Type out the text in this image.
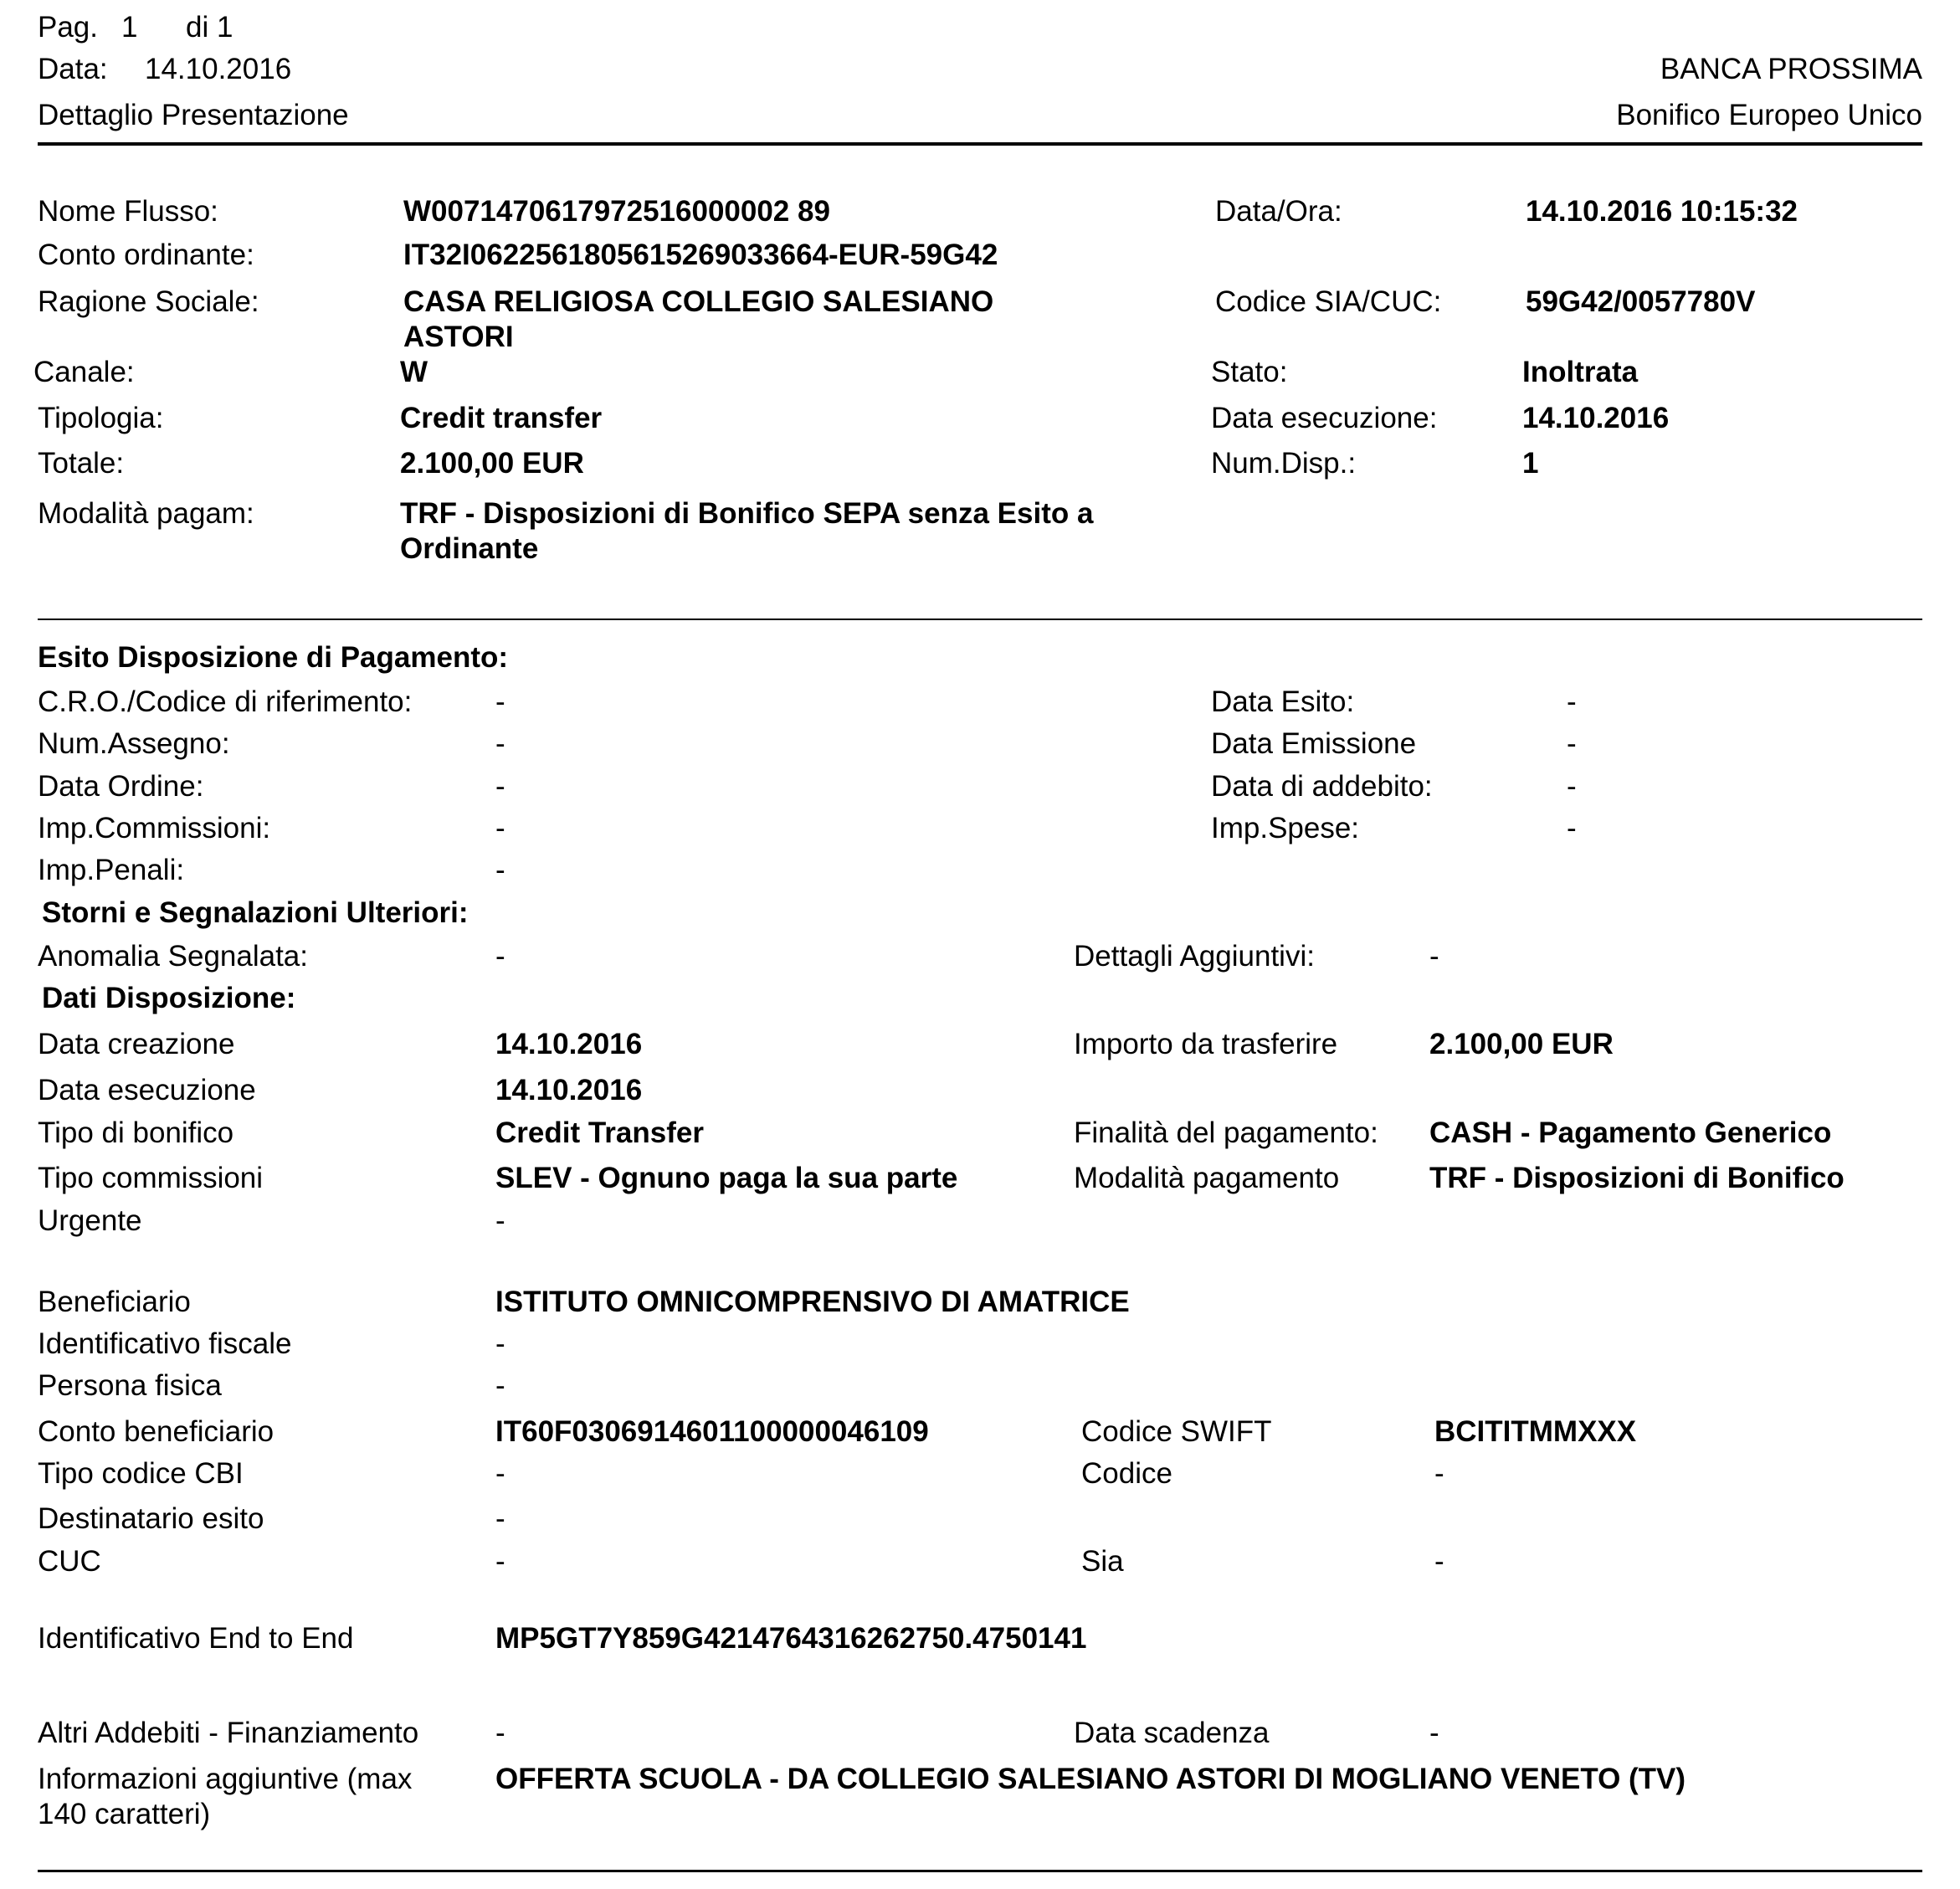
Pag. 1 di 1
Data: 14.10.2016
Dettaglio Presentazione
BANCA PROSSIMA
Bonifico Europeo Unico
Nome Flusso:	W0071470617972516000002 89
Conto ordinante:	IT32I0622561805615269033664-EUR-59G42
Ragione Sociale:	CASA RELIGIOSA COLLEGIO SALESIANO
ASTORI
Canale:	W
Tipologia:	Credit transfer
Totale:	2.100,00 EUR
Modalità pagam:	TRF - Disposizioni di Bonifico SEPA senza Esito a
Ordinante
Data/Ora:	14.10.2016 10:15:32
Codice SIA/CUC:	59G42/0057780V
Stato:	Inoltrata
Data esecuzione:	14.10.2016
Num.Disp.:	1
Esito Disposizione di Pagamento:
C.R.O./Codice di riferimento:	-
Num.Assegno:	-
Data Ordine:	-
Imp.Commissioni:	-
Imp.Penali:	-
Data Esito:	-
Data Emissione	-
Data di addebito:	-
Imp.Spese:	-
Storni e Segnalazioni Ulteriori:
Anomalia Segnalata:	-	Dettagli Aggiuntivi:	-
Dati Disposizione:
Data creazione	14.10.2016
Data esecuzione	14.10.2016
Tipo di bonifico	Credit Transfer
Tipo commissioni	SLEV - Ognuno paga la sua parte
Urgente	-
Importo da trasferire	2.100,00 EUR
Finalità del pagamento: CASH - Pagamento Generico
Modalità pagamento	TRF - Disposizioni di Bonifico
Beneficiario	ISTITUTO OMNICOMPRENSIVO DI AMATRICE
Identificativo fiscale	-
Persona fisica	-
Conto beneficiario	IT60F0306914601100000046109
Tipo codice CBI	-
Destinatario esito	-
CUC	-
Codice SWIFT	BCITITMMXXX
Codice	-
Sia	-
Identificativo End to End	MP5GT7Y859G4214764316262750.4750141
Altri Addebiti - Finanziamento	-	Data scadenza	-
Informazioni aggiuntive (max
140 caratteri)
OFFERTA SCUOLA - DA COLLEGIO SALESIANO ASTORI DI MOGLIANO VENETO (TV)
